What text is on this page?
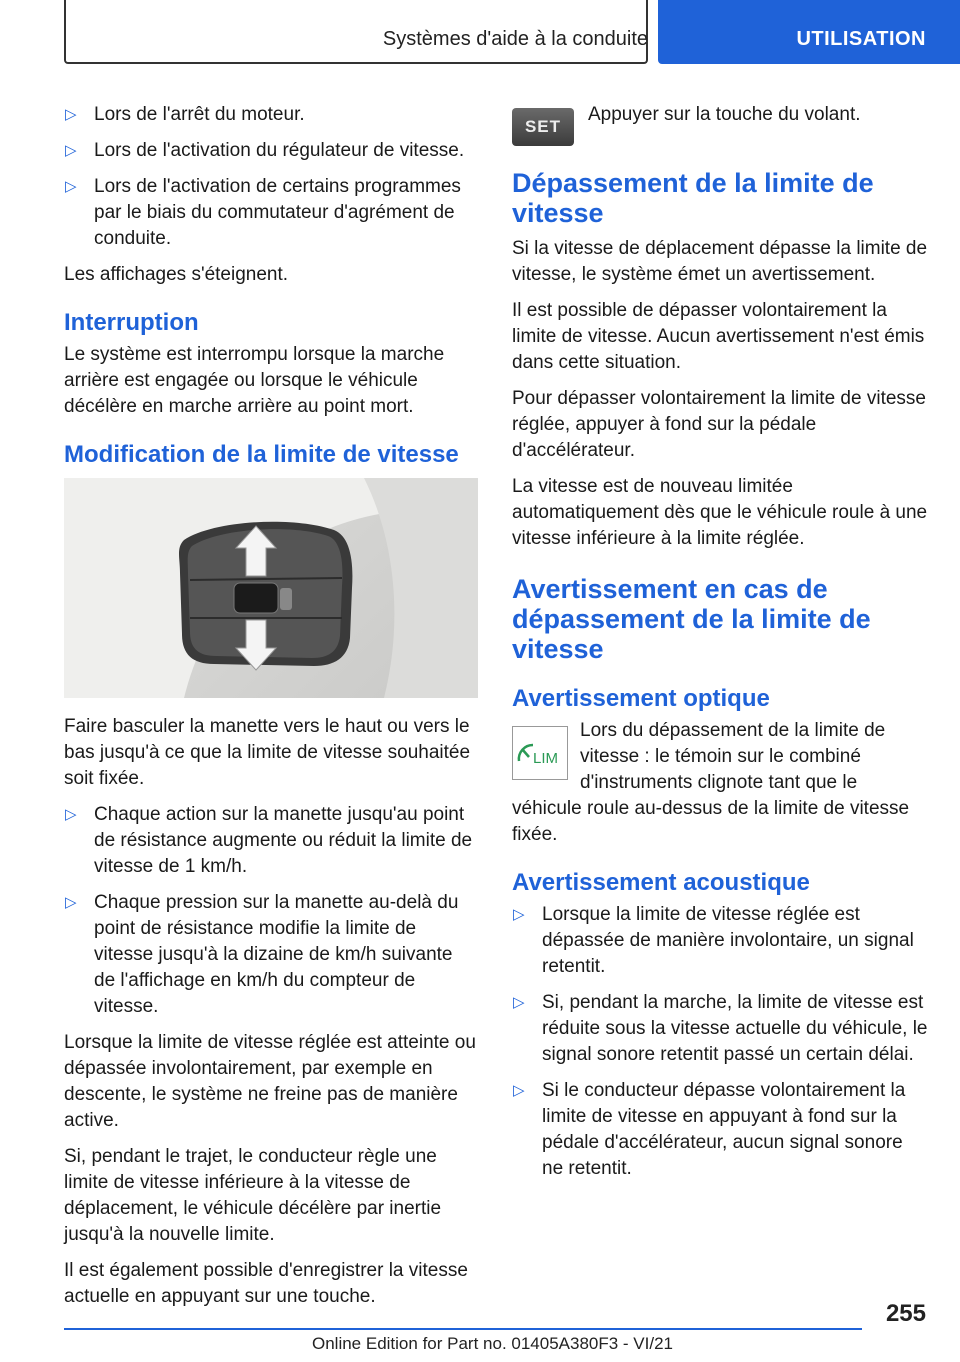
Systèmes d'aide à la conduite	UTILISATION
▷ Lors de l'arrêt du moteur.
▷ Lors de l'activation du régulateur de vitesse.
▷ Lors de l'activation de certains programmes par le biais du commutateur d'agrément de conduite.

Les affichages s'éteignent.

Interruption

Le système est interrompu lorsque la marche arrière est engagée ou lorsque le véhicule décélère en marche arrière au point mort.

Modification de la limite de vitesse

Faire basculer la manette vers le haut ou vers le bas jusqu'à ce que la limite de vitesse souhaitée soit fixée.

▷ Chaque action sur la manette jusqu'au point de résistance augmente ou réduit la limite de vitesse de 1 km/h.
▷ Chaque pression sur la manette au-delà du point de résistance modifie la limite de vitesse jusqu'à la dizaine de km/h suivante de l'affichage en km/h du compteur de vitesse.

Lorsque la limite de vitesse réglée est atteinte ou dépassée involontairement, par exemple en descente, le système ne freine pas de manière active.

Si, pendant le trajet, le conducteur règle une limite de vitesse inférieure à la vitesse de déplacement, le véhicule décélère par inertie jusqu'à la nouvelle limite.

Il est également possible d'enregistrer la vitesse actuelle en appuyant sur une touche.

SET
Appuyer sur la touche du volant.
Dépassement de la limite de vitesse

Si la vitesse de déplacement dépasse la limite de vitesse, le système émet un avertissement.

Il est possible de dépasser volontairement la limite de vitesse. Aucun avertissement n'est émis dans cette situation.

Pour dépasser volontairement la limite de vitesse réglée, appuyer à fond sur la pédale d'accélérateur.

La vitesse est de nouveau limitée automatiquement dès que le véhicule roule à une vitesse inférieure à la limite réglée.

Avertissement en cas de dépassement de la limite de vitesse
Avertissement optique
LIM
Lors du dépassement de la limite de vitesse : le témoin sur le combiné d'instruments clignote tant que le véhicule roule au-dessus de la limite de vitesse fixée.
Avertissement acoustique
▷ Lorsque la limite de vitesse réglée est dépassée de manière involontaire, un signal retentit.
▷ Si, pendant la marche, la limite de vitesse est réduite sous la vitesse actuelle du véhicule, le signal sonore retentit passé un certain délai.
▷ Si le conducteur dépasse volontairement la limite de vitesse en appuyant à fond sur la pédale d'accélérateur, aucun signal sonore ne retentit.
255
Online Edition for Part no. 01405A380F3 - VI/21
